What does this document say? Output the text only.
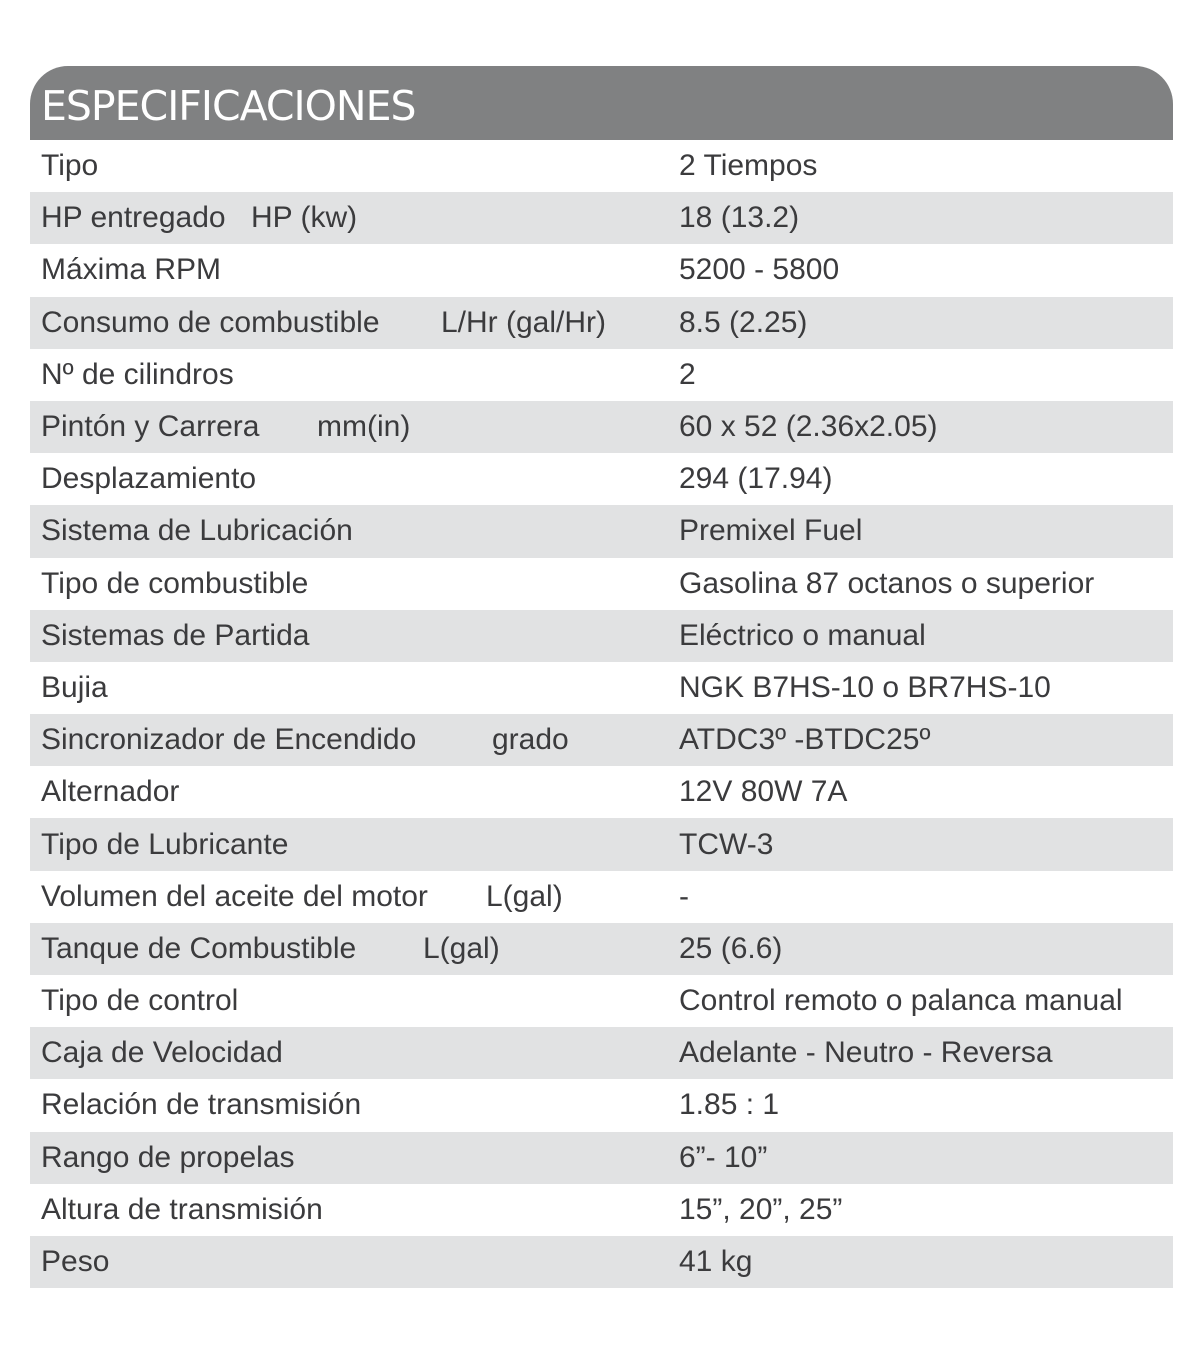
ESPECIFICACIONES
Tipo	2 Tiempos
HP entregado HP (kw)	18 (13.2)
Máxima RPM	5200 - 5800
Consumo de combustible L/Hr (gal/Hr) 8.5 (2.25)
Nº de cilindros	2
Pintón y Carrera mm(in)	60 x 52 (2.36x2.05)
Desplazamiento	294 (17.94)
Sistema de Lubricación	Premixel Fuel
Tipo de combustible	Gasolina 87 octanos o superior
Sistemas de Partida	Eléctrico o manual
Bujia	NGK B7HS-10 o BR7HS-10
Sincronizador de Encendido	grado	ATDC3º -BTDC25º
Alternador	12V 80W 7A
Tipo de Lubricante	TCW-3
Volumen del aceite del motor L(gal)	-
Tanque de Combustible L(gal)	25 (6.6)
Tipo de control	Control remoto o palanca manual
Caja de Velocidad	Adelante - Neutro - Reversa
Relación de transmisión	1.85 : 1
Rango de propelas	6”- 10”
Altura de transmisión	15”, 20”, 25”
Peso	41 kg
